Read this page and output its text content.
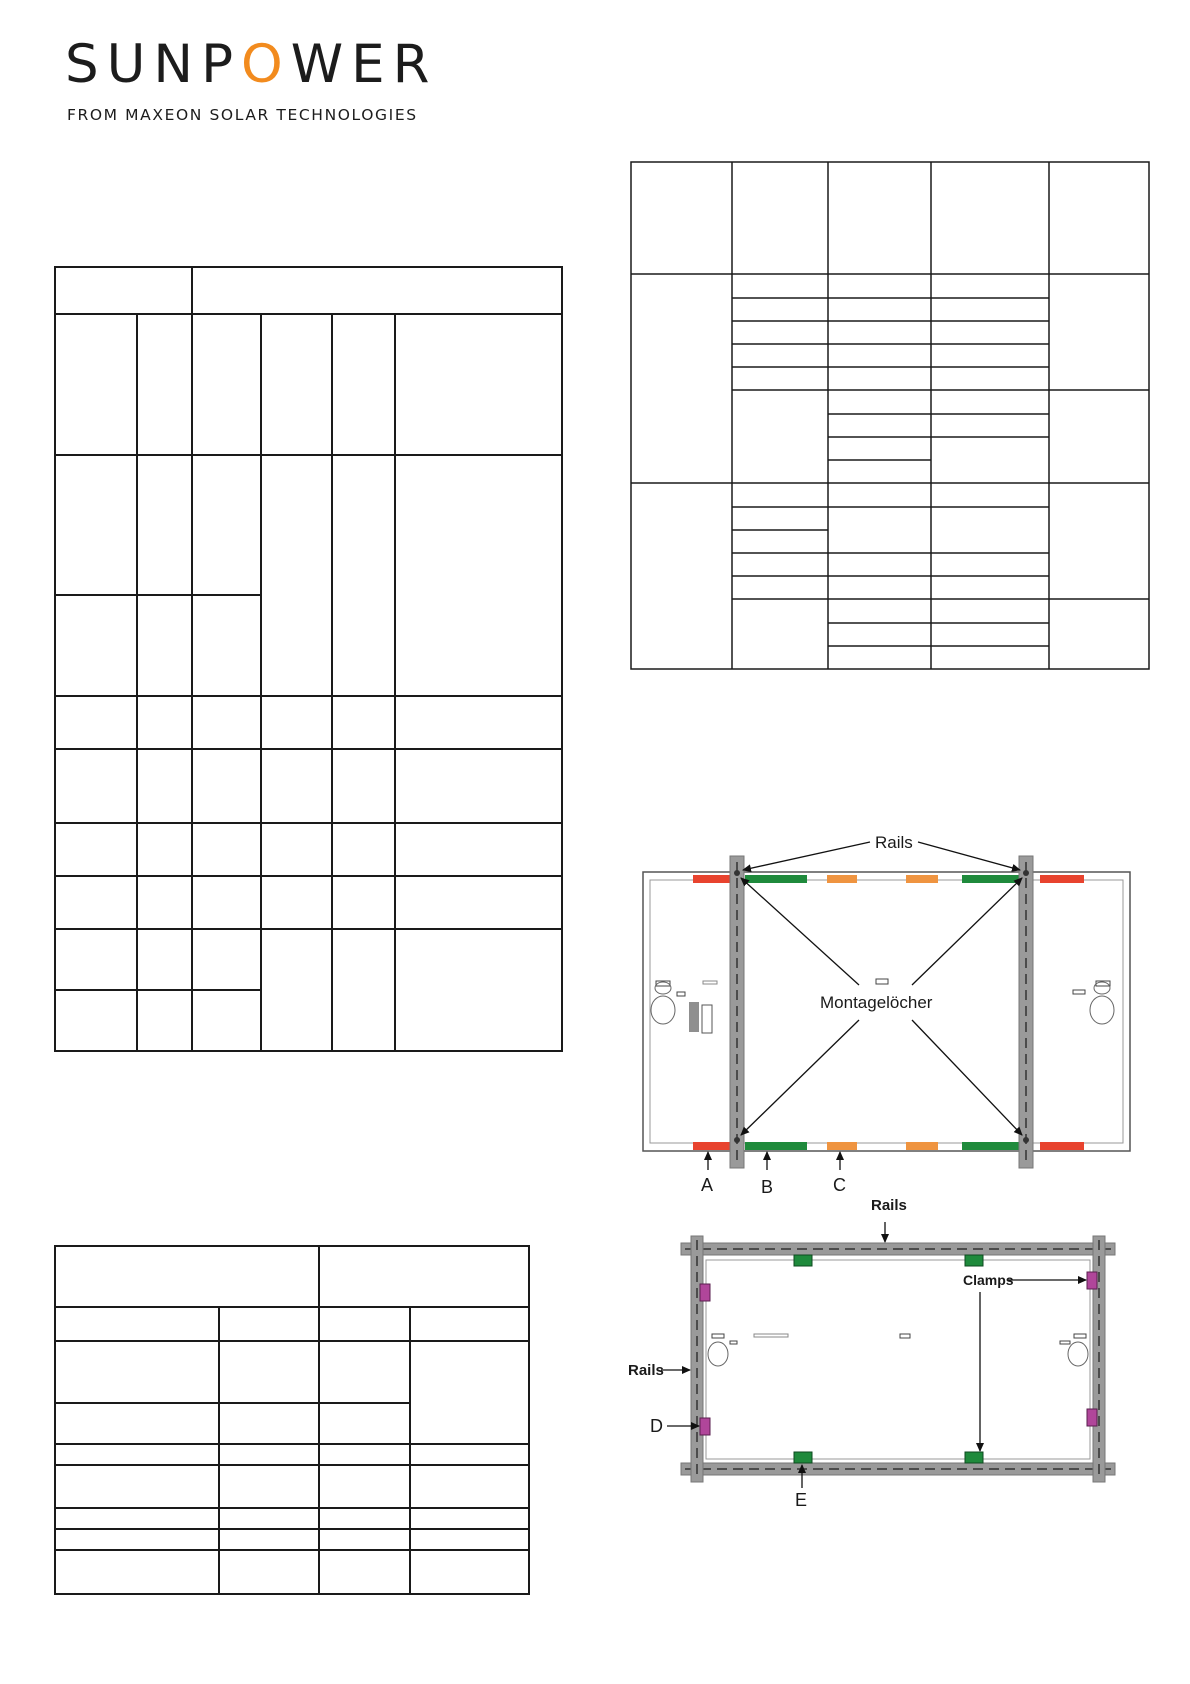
SUNPOWER
FROM MAXEON SOLAR TECHNOLOGIES
Rails
Montagelöcher
A	B	C
Rails
Clamps
Rails
D
E
